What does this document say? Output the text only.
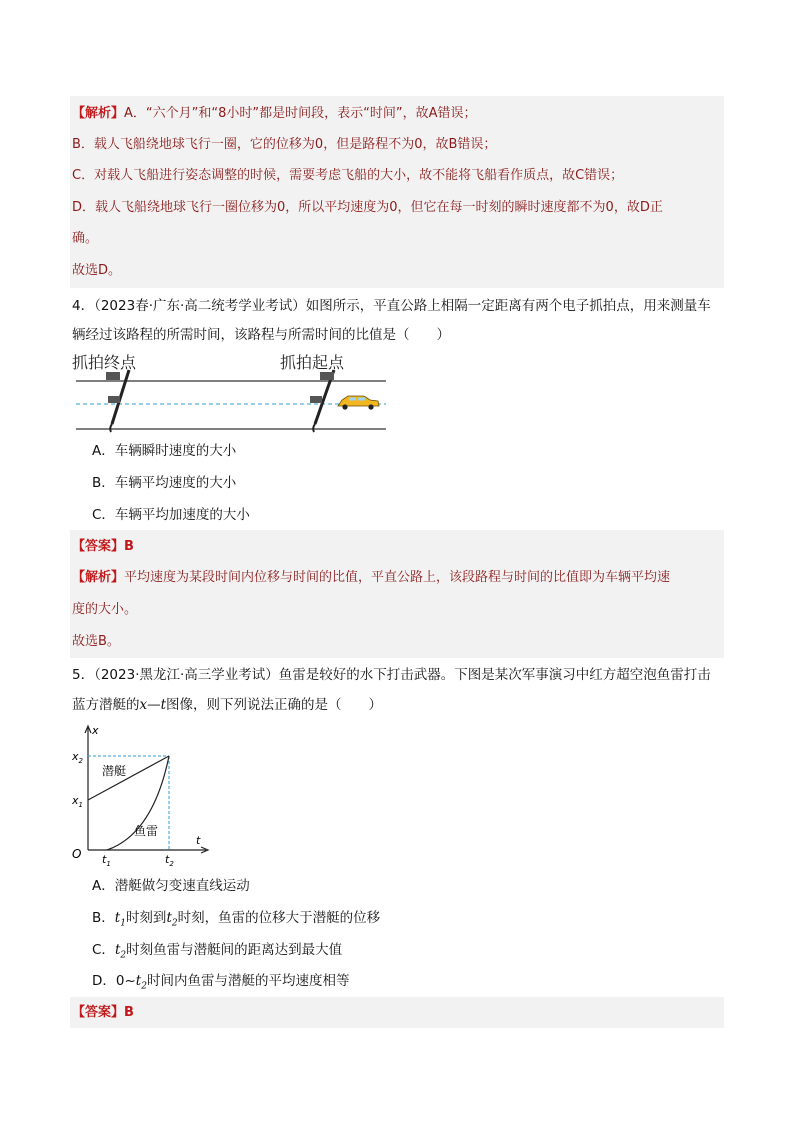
【解析】A．“六个月”和“8小时”都是时间段，表示“时间”，故A错误；
B．载人飞船绕地球飞行一圈，它的位移为0，但是路程不为0，故B错误；
C．对载人飞船进行姿态调整的时候，需要考虑飞船的大小，故不能将飞船看作质点，故C错误；
D．载人飞船绕地球飞行一圈位移为0，所以平均速度为0，但它在每一时刻的瞬时速度都不为0，故D正
确。
故选D。
4．（2023春·广东·高二统考学业考试）如图所示，平直公路上相隔一定距离有两个电子抓拍点，用来测量车
辆经过该路程的所需时间，该路程与所需时间的比值是（　　）
抓拍终点	抓拍起点
A．车辆瞬时速度的大小
B．车辆平均速度的大小
C．车辆平均加速度的大小
【答案】B
【解析】平均速度为某段时间内位移与时间的比值，平直公路上，该段路程与时间的比值即为车辆平均速
度的大小。
故选B。
5．（2023·黑龙江·高三学业考试）鱼雷是较好的水下打击武器。下图是某次军事演习中红方超空泡鱼雷打击
蓝方潜艇的x—t图像，则下列说法正确的是（　　）
x
t
O
$x_2$
$x_1$
$t_1$	$t_2$
潜艇
鱼雷
A．潜艇做匀变速直线运动
B．$t_1$时刻到$t_2$时刻，鱼雷的位移大于潜艇的位移
C．$t_2$时刻鱼雷与潜艇间的距离达到最大值
D．$0\sim t_2$时间内鱼雷与潜艇的平均速度相等
【答案】B
